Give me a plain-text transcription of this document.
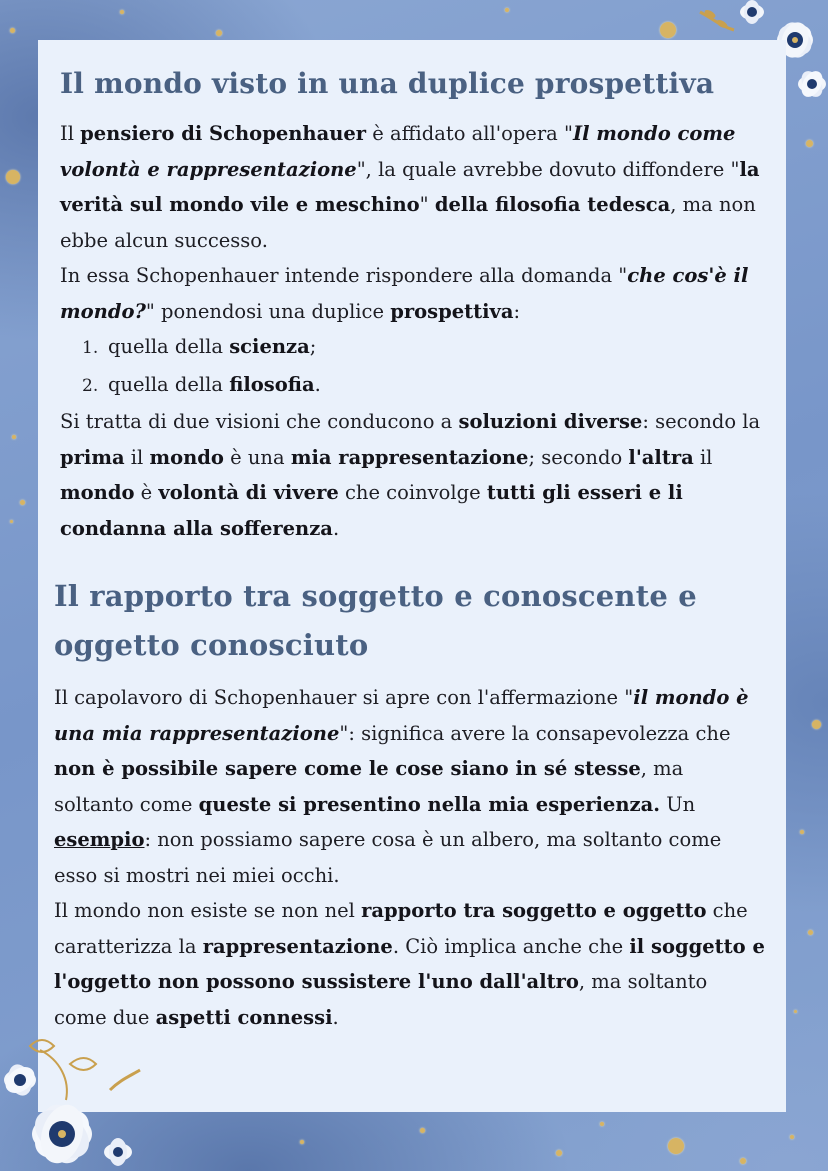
Il mondo visto in una duplice prospettiva

Il pensiero di Schopenhauer è affidato all'opera "Il mondo come volontà e rappresentazione", la quale avrebbe dovuto diffondere "la verità sul mondo vile e meschino" della filosofia tedesca, ma non ebbe alcun successo.

In essa Schopenhauer intende rispondere alla domanda "che cos'è il mondo?" ponendosi una duplice prospettiva:

1. quella della scienza;
2. quella della filosofia.

Si tratta di due visioni che conducono a soluzioni diverse: secondo la prima il mondo è una mia rappresentazione; secondo l'altra il mondo è volontà di vivere che coinvolge tutti gli esseri e li condanna alla sofferenza.

Il rapporto tra soggetto e conoscente e oggetto conosciuto

Il capolavoro di Schopenhauer si apre con l'affermazione "il mondo è una mia rappresentazione": significa avere la consapevolezza che non è possibile sapere come le cose siano in sé stesse, ma soltanto come queste si presentino nella mia esperienza. Un esempio: non possiamo sapere cosa è un albero, ma soltanto come esso si mostri nei miei occhi.

Il mondo non esiste se non nel rapporto tra soggetto e oggetto che caratterizza la rappresentazione. Ciò implica anche che il soggetto e l'oggetto non possono sussistere l'uno dall'altro, ma soltanto come due aspetti connessi.
